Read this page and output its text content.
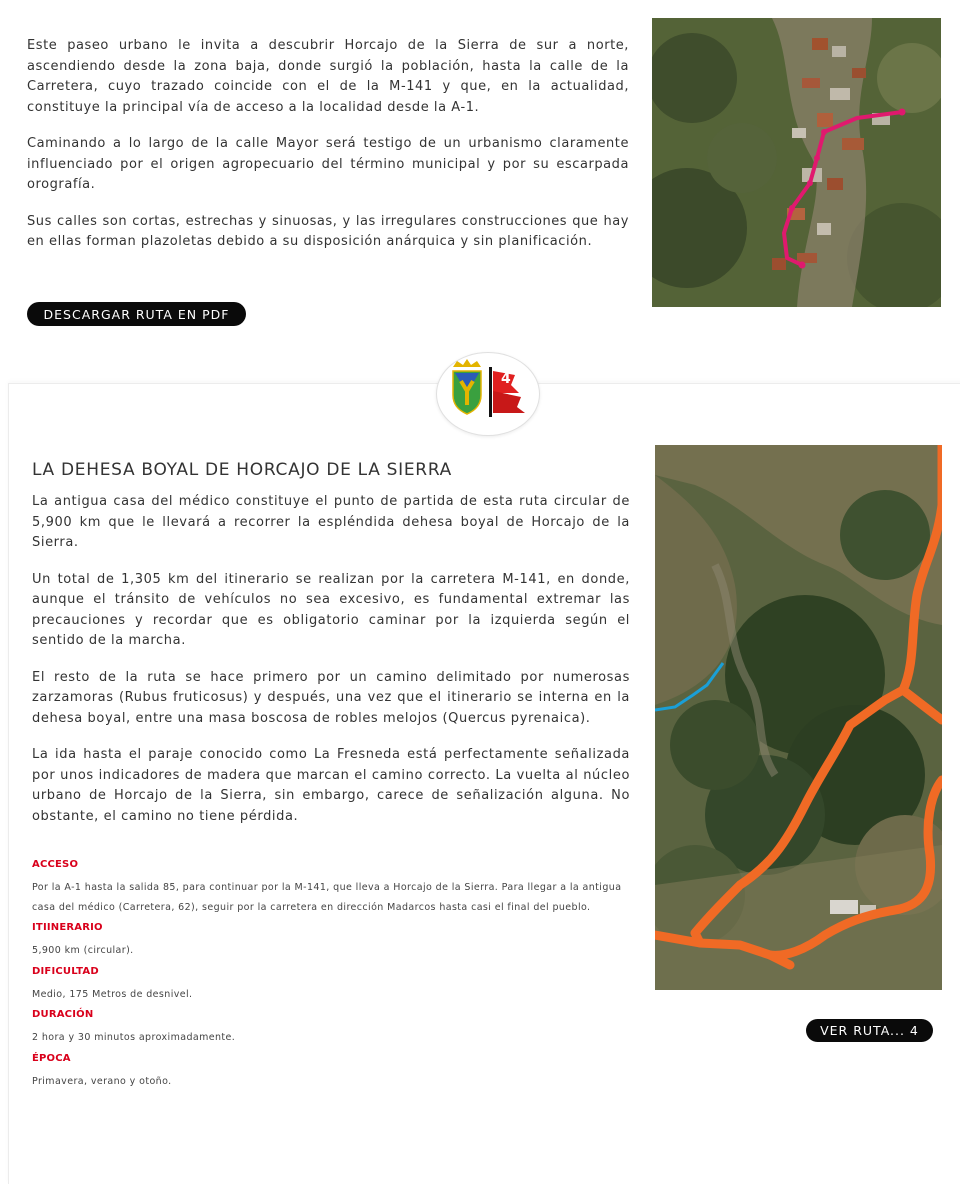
Este paseo urbano le invita a descubrir Horcajo de la Sierra de sur a norte, ascendiendo desde la zona baja, donde surgió la población, hasta la calle de la Carretera, cuyo trazado coincide con el de la M-141 y que, en la actualidad, constituye la principal vía de acceso a la localidad desde la A-1.

Caminando a lo largo de la calle Mayor será testigo de un urbanismo claramente influenciado por el origen agropecuario del término municipal y por su escarpada orografía.

Sus calles son cortas, estrechas y sinuosas, y las irregulares construcciones que hay en ellas forman plazoletas debido a su disposición anárquica y sin planificación.

DESCARGAR RUTA EN PDF
4
LA DEHESA BOYAL DE HORCAJO DE LA SIERRA

La antigua casa del médico constituye el punto de partida de esta ruta circular de 5,900 km que le llevará a recorrer la espléndida dehesa boyal de Horcajo de la Sierra.

Un total de 1,305 km del itinerario se realizan por la carretera M-141, en donde, aunque el tránsito de vehículos no sea excesivo, es fundamental extremar las precauciones y recordar que es obligatorio caminar por la izquierda según el sentido de la marcha.

El resto de la ruta se hace primero por un camino delimitado por numerosas zarzamoras (Rubus fruticosus) y después, una vez que el itinerario se interna en la dehesa boyal, entre una masa boscosa de robles melojos (Quercus pyrenaica).

La ida hasta el paraje conocido como La Fresneda está perfectamente señalizada por unos indicadores de madera que marcan el camino correcto. La vuelta al núcleo urbano de Horcajo de la Sierra, sin embargo, carece de señalización alguna. No obstante, el camino no tiene pérdida.

ACCESO
Por la A-1 hasta la salida 85, para continuar por la M-141, que lleva a Horcajo de la Sierra. Para llegar a la antigua casa del médico (Carretera, 62), seguir por la carretera en dirección Madarcos hasta casi el final del pueblo.
ITIINERARIO
5,900 km (circular).
DIFICULTAD
Medio, 175 Metros de desnivel.
DURACIÓN
2 hora y 30 minutos aproximadamente.
ÉPOCA
Primavera, verano y otoño.
VER RUTA... 4
